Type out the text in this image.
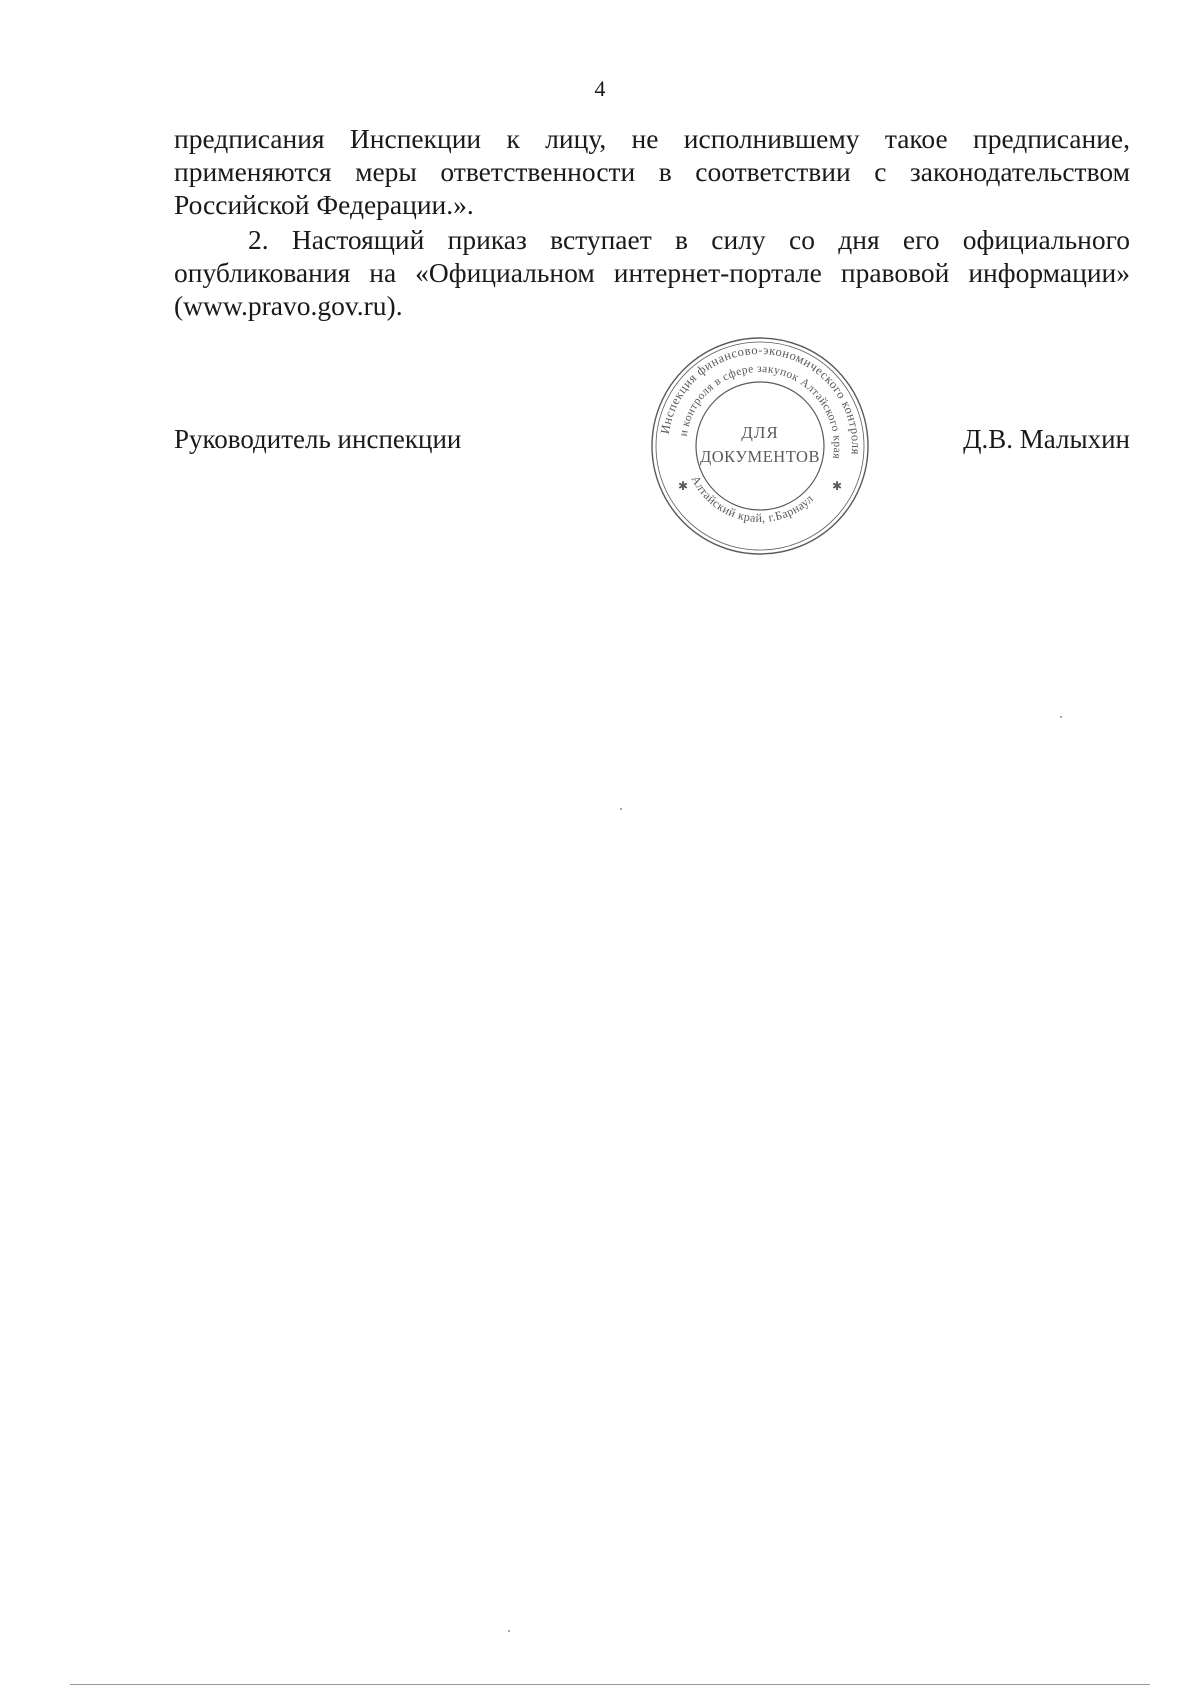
4

предписания Инспекции к лицу, не исполнившему такое предписание,

применяются меры ответственности в соответствии с законодательством

Российской Федерации.».

2. Настоящий приказ вступает в силу со дня его официального

опубликования на «Официальном интернет-портале правовой информации»

(www.pravo.gov.ru).

Руководитель инспекции	Инспекция финансово-экономического контроля
и контроля в сфере закупок Алтайского края
Алтайский край, г.Барнаул
ДЛЯ
ДОКУМЕНТОВ
✱	✱
Д.В. Малыхин
